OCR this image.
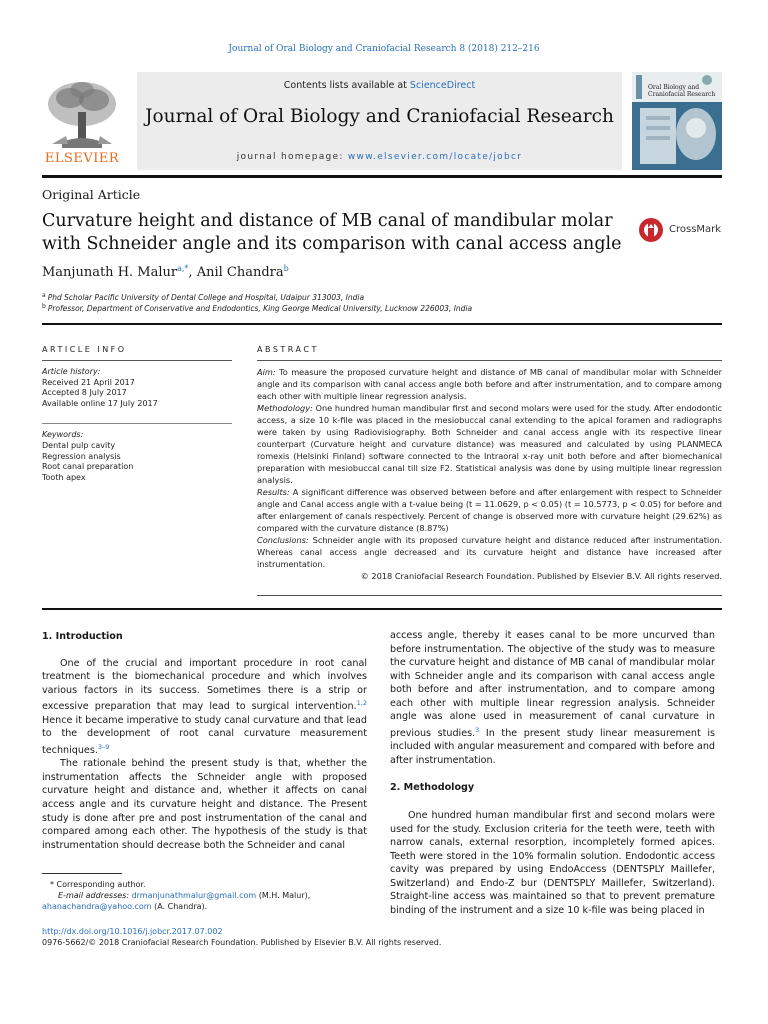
Journal of Oral Biology and Craniofacial Research 8 (2018) 212–216
ELSEVIER
Contents lists available at ScienceDirect
Journal of Oral Biology and Craniofacial Research
journal homepage: www.elsevier.com/locate/jobcr
Oral Biology and
Craniofacial Research
Original Article
Curvature height and distance of MB canal of mandibular molar with Schneider angle and its comparison with canal access angle
CrossMark
Manjunath H. Malur$^{a,*}$, Anil Chandra$^b$
$^a$ Phd Scholar Pacific University of Dental College and Hospital, Udaipur 313003, India
$^b$ Professor, Department of Conservative and Endodontics, King George Medical University, Lucknow 226003, India
ARTICLE INFO	ABSTRACT
Article history:
Received 21 April 2017
Accepted 8 July 2017
Available online 17 July 2017
Keywords:
Dental pulp cavity
Regression analysis
Root canal preparation
Tooth apex
Aim: To measure the proposed curvature height and distance of MB canal of mandibular molar with Schneider angle and its comparison with canal access angle both before and after instrumentation, and to compare among each other with multiple linear regression analysis.
Methodology: One hundred human mandibular first and second molars were used for the study. After endodontic access, a size 10 k-file was placed in the mesiobuccal canal extending to the apical foramen and radiographs were taken by using Radiovisiography. Both Schneider and canal access angle with its respective linear counterpart (Curvature height and curvature distance) was measured and calculated by using PLANMECA romexis (Helsinki Finland) software connected to the Intraoral x-ray unit both before and after biomechanical preparation with mesiobuccal canal till size F2. Statistical analysis was done by using multiple linear regression analysis.
Results: A significant difference was observed between before and after enlargement with respect to Schneider angle and Canal access angle with a t-value being (t = 11.0629, p < 0.05) (t = 10.5773, p < 0.05) for before and after enlargement of canals respectively. Percent of change is observed more with curvature height (29.62%) as compared with the curvature distance (8.87%)
Conclusions: Schneider angle with its proposed curvature height and distance reduced after instrumentation. Whereas canal access angle decreased and its curvature height and distance have increased after instrumentation.
© 2018 Craniofacial Research Foundation. Published by Elsevier B.V. All rights reserved.
1. Introduction

One of the crucial and important procedure in root canal treatment is the biomechanical procedure and which involves various factors in its success. Sometimes there is a strip or excessive preparation that may lead to surgical intervention.$^{1,2}$ Hence it became imperative to study canal curvature and that lead to the development of root canal curvature measurement techniques.$^{3-9}$

The rationale behind the present study is that, whether the instrumentation affects the Schneider angle with proposed curvature height and distance and, whether it affects on canal access angle and its curvature height and distance. The Present study is done after pre and post instrumentation of the canal and compared among each other. The hypothesis of the study is that instrumentation should decrease both the Schneider and canal

access angle, thereby it eases canal to be more uncurved than before instrumentation. The objective of the study was to measure the curvature height and distance of MB canal of mandibular molar with Schneider angle and its comparison with canal access angle both before and after instrumentation, and to compare among each other with multiple linear regression analysis. Schneider angle was alone used in measurement of canal curvature in previous studies.$^3$ In the present study linear measurement is included with angular measurement and compared with before and after instrumentation.

2. Methodology

One hundred human mandibular first and second molars were used for the study. Exclusion criteria for the teeth were, teeth with narrow canals, external resorption, incompletely formed apices. Teeth were stored in the 10% formalin solution. Endodontic access cavity was prepared by using EndoAccess (DENTSPLY Maillefer, Switzerland) and Endo-Z bur (DENTSPLY Maillefer, Switzerland). Straight-line access was maintained so that to prevent premature binding of the instrument and a size 10 k-file was being placed in

* Corresponding author.
E-mail addresses: drmanjunathmalur@gmail.com (M.H. Malur),
ahanachandra@yahoo.com (A. Chandra).
http://dx.doi.org/10.1016/j.jobcr.2017.07.002
0976-5662/© 2018 Craniofacial Research Foundation. Published by Elsevier B.V. All rights reserved.
